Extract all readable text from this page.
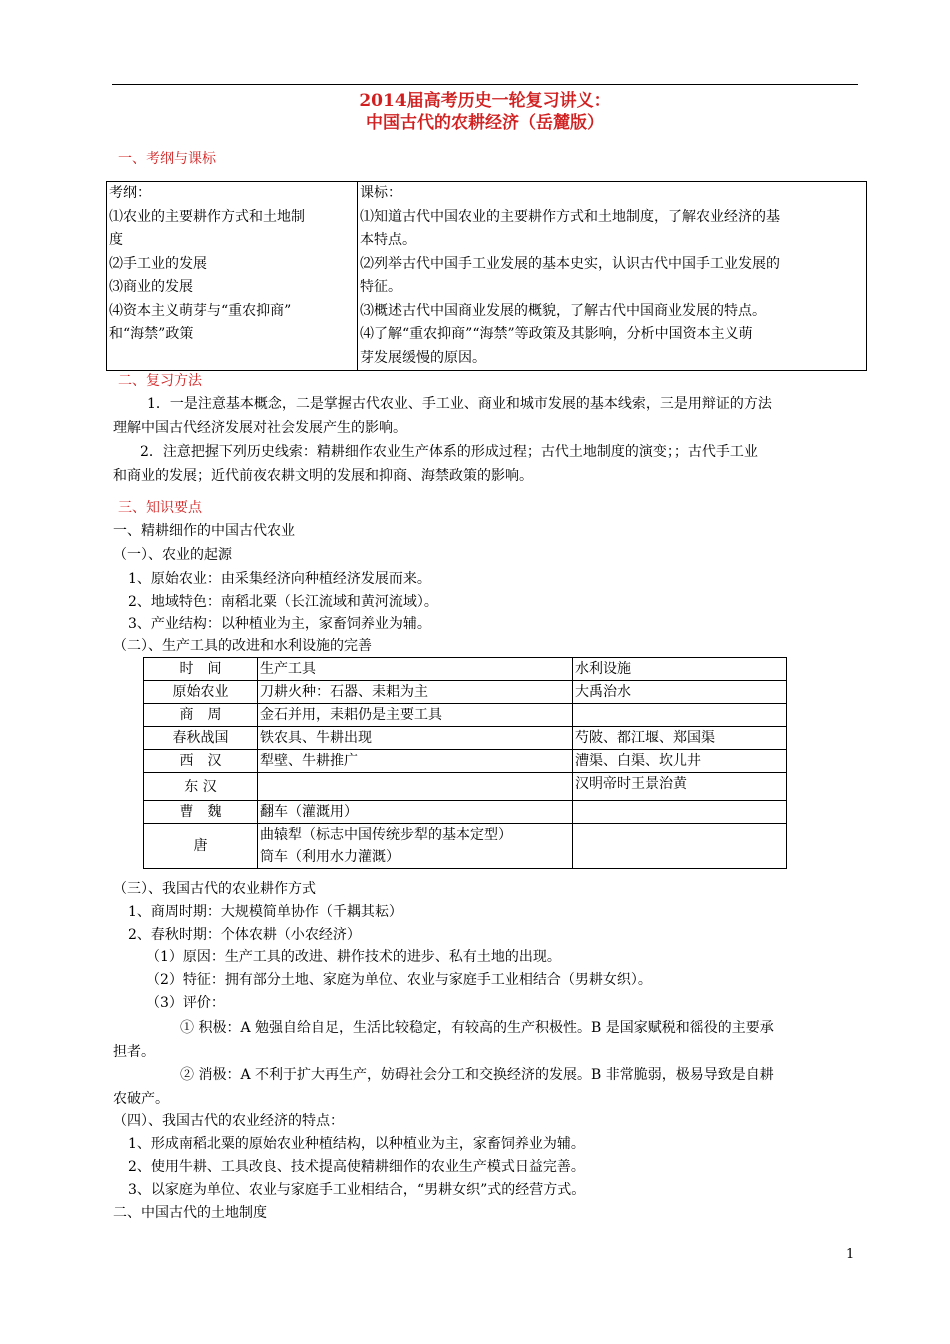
2014届高考历史一轮复习讲义：
中国古代的农耕经济（岳麓版）
一、考纲与课标
考纲：
⑴农业的主要耕作方式和土地制
度
⑵手工业的发展
⑶商业的发展
⑷资本主义萌芽与“重农抑商”
和“海禁”政策

课标：
⑴知道古代中国农业的主要耕作方式和土地制度，了解农业经济的基
本特点。
⑵列举古代中国手工业发展的基本史实，认识古代中国手工业发展的
特征。
⑶概述古代中国商业发展的概貌，了解古代中国商业发展的特点。
⑷了解“重农抑商”“海禁”等政策及其影响，分析中国资本主义萌
芽发展缓慢的原因。
二、复习方法
1．一是注意基本概念，二是掌握古代农业、手工业、商业和城市发展的基本线索，三是用辩证的方法
理解中国古代经济发展对社会发展产生的影响。
2．注意把握下列历史线索：精耕细作农业生产体系的形成过程；古代土地制度的演变；；古代手工业
和商业的发展；近代前夜农耕文明的发展和抑商、海禁政策的影响。
三、知识要点
一、精耕细作的中国古代农业
（一）、农业的起源
1、原始农业：由采集经济向种植经济发展而来。
2、地域特色：南稻北粟（长江流域和黄河流域）。
3、产业结构：以种植业为主，家畜饲养业为辅。
（二）、生产工具的改进和水利设施的完善
时　间	生产工具	水利设施
原始农业	刀耕火种：石器、耒耜为主	大禹治水
商　周	金石并用，耒耜仍是主要工具	
春秋战国	铁农具、牛耕出现	芍陂、都江堰、郑国渠
西　汉	犁壁、牛耕推广	漕渠、白渠、坎儿井
东 汉		汉明帝时王景治黄
曹　魏	翻车（灌溉用）	
唐	曲辕犁（标志中国传统步犁的基本定型）
筒车（利用水力灌溉）	

（三）、我国古代的农业耕作方式
1、商周时期：大规模简单协作（千耦其耘）
2、春秋时期：个体农耕（小农经济）
（1）原因：生产工具的改进、耕作技术的进步、私有土地的出现。
（2）特征：拥有部分土地、家庭为单位、农业与家庭手工业相结合（男耕女织）。
（3）评价：
① 积极：A 勉强自给自足，生活比较稳定，有较高的生产积极性。B 是国家赋税和徭役的主要承
担者。
② 消极：A 不利于扩大再生产，妨碍社会分工和交换经济的发展。B 非常脆弱，极易导致是自耕
农破产。
（四）、我国古代的农业经济的特点：
1、形成南稻北粟的原始农业种植结构，以种植业为主，家畜饲养业为辅。
2、使用牛耕、工具改良、技术提高使精耕细作的农业生产模式日益完善。
3、以家庭为单位、农业与家庭手工业相结合，“男耕女织”式的经营方式。
二、中国古代的土地制度
1
